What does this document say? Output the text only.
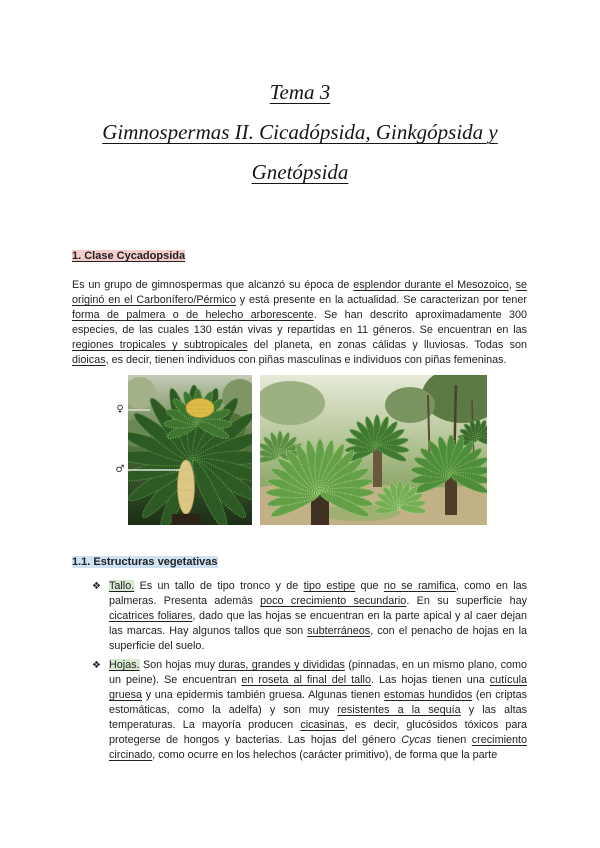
Tema 3
Gimnospermas II. Cicadópsida, Ginkgópsida y
Gnetópsida
1. Clase Cycadopsida

Es un grupo de gimnospermas que alcanzó su época de esplendor durante el Mesozoico, se originó en el Carbonífero/Pérmico y está presente en la actualidad. Se caracterizan por tener forma de palmera o de helecho arborescente. Se han descrito aproximadamente 300 especies, de las cuales 130 están vivas y repartidas en 11 géneros. Se encuentran en las regiones tropicales y subtropicales del planeta, en zonas cálidas y lluviosas. Todas son dioicas, es decir, tienen individuos con piñas masculinas e individuos con piñas femeninas.

♀
♂
1.1. Estructuras vegetativas
❖ Tallo. Es un tallo de tipo tronco y de tipo estipe que no se ramifica, como en las palmeras. Presenta además poco crecimiento secundario. En su superficie hay cicatrices foliares, dado que las hojas se encuentran en la parte apical y al caer dejan las marcas. Hay algunos tallos que son subterráneos, con el penacho de hojas en la superficie del suelo.
❖ Hojas. Son hojas muy duras, grandes y divididas (pinnadas, en un mismo plano, como un peine). Se encuentran en roseta al final del tallo. Las hojas tienen una cutícula gruesa y una epidermis también gruesa. Algunas tienen estomas hundidos (en criptas estomáticas, como la adelfa) y son muy resistentes a la sequía y las altas temperaturas. La mayoría producen cicasinas, es decir, glucósidos tóxicos para protegerse de hongos y bacterias. Las hojas del género Cycas tienen crecimiento circinado, como ocurre en los helechos (carácter primitivo), de forma que la parte
